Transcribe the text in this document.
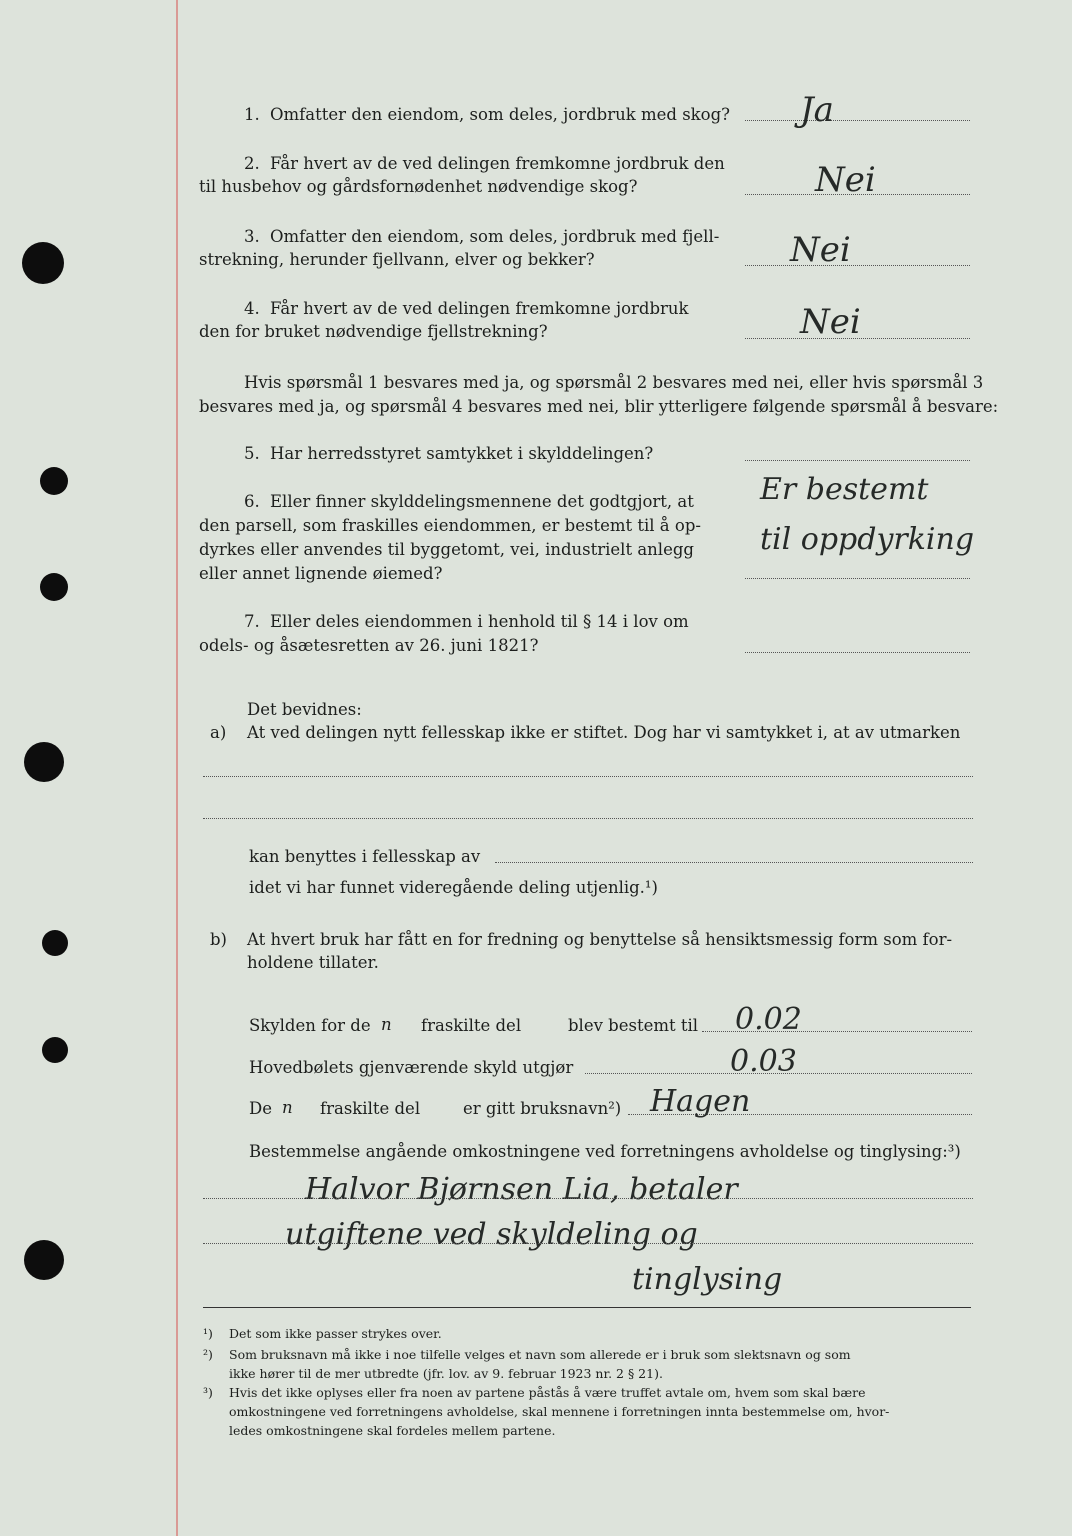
1. Omfatter den eiendom, som deles, jordbruk med skog? Ja
2. Får hvert av de ved delingen fremkomne jordbruk den
til husbehov og gårdsfornødenhet nødvendige skog?	Nei
3. Omfatter den eiendom, som deles, jordbruk med fjell-
strekning, herunder fjellvann, elver og bekker?	Nei
4. Får hvert av de ved delingen fremkomne jordbruk
den for bruket nødvendige fjellstrekning?	Nei
Hvis spørsmål 1 besvares med ja, og spørsmål 2 besvares med nei, eller hvis spørsmål 3
besvares med ja, og spørsmål 4 besvares med nei, blir ytterligere følgende spørsmål å besvare:
5. Har herredsstyret samtykket i skylddelingen?
6. Eller finner skylddelingsmennene det godtgjort, at
den parsell, som fraskilles eiendommen, er bestemt til å op-
dyrkes eller anvendes til byggetomt, vei, industrielt anlegg
eller annet lignende øiemed?
Er bestemt
til oppdyrking
7. Eller deles eiendommen i henhold til § 14 i lov om
odels- og åsætesretten av 26. juni 1821?
Det bevidnes:
a) At ved delingen nytt fellesskap ikke er stiftet. Dog har vi samtykket i, at av utmarken
kan benyttes i fellesskap av
idet vi har funnet videregående deling utjenlig.¹)
b) At hvert bruk har fått en for fredning og benyttelse så hensiktsmessig form som for-
holdene tillater.
Skylden for de n fraskilte del	blev bestemt til 0.02
Hovedbølets gjenværende skyld utgjør	0.03
De n fraskilte del	er gitt bruksnavn²) Hagen
Bestemmelse angående omkostningene ved forretningens avholdelse og tinglysing:³)
Halvor Bjørnsen Lia, betaler
utgiftene ved skyldeling og
tinglysing
¹) Det som ikke passer strykes over.
²) Som bruksnavn må ikke i noe tilfelle velges et navn som allerede er i bruk som slektsnavn og som
ikke hører til de mer utbredte (jfr. lov. av 9. februar 1923 nr. 2 § 21).
³) Hvis det ikke oplyses eller fra noen av partene påstås å være truffet avtale om, hvem som skal bære
omkostningene ved forretningens avholdelse, skal mennene i forretningen innta bestemmelse om, hvor-
ledes omkostningene skal fordeles mellem partene.
